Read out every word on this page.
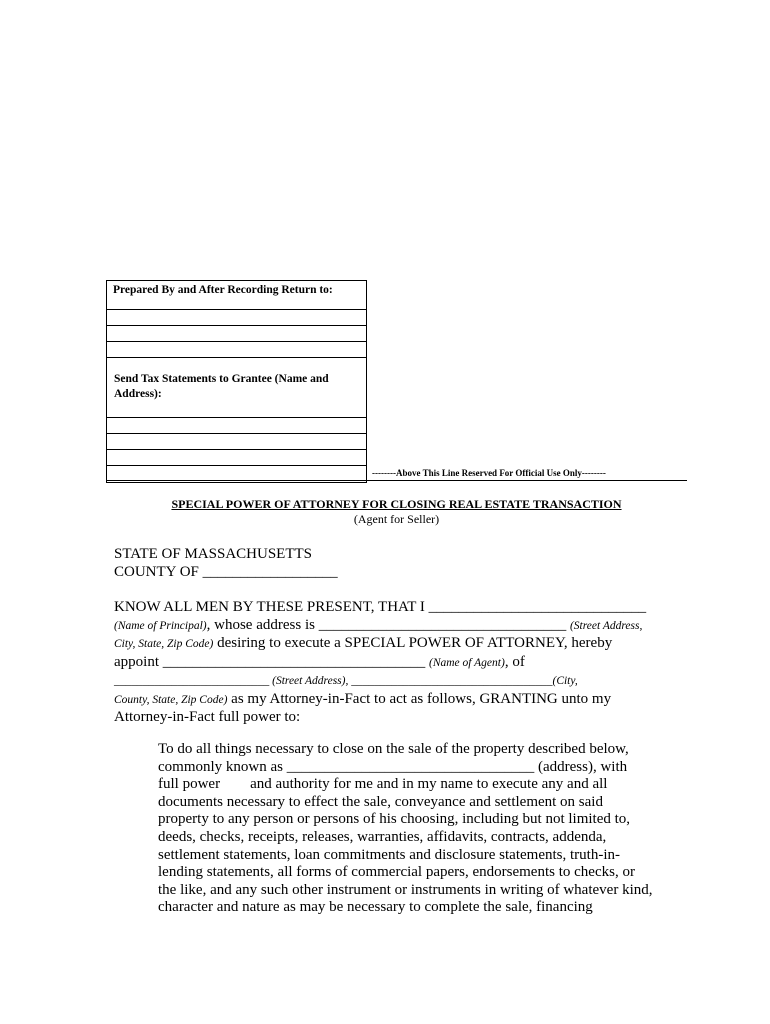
Prepared By and After Recording Return to:
Send Tax Statements to Grantee (Name and Address):
--------Above This Line Reserved For Official Use Only--------
SPECIAL POWER OF ATTORNEY FOR CLOSING REAL ESTATE TRANSACTION
(Agent for Seller)
STATE OF MASSACHUSETTS
COUNTY OF __________________
KNOW ALL MEN BY THESE PRESENT, THAT I _____________________________
(Name of Principal), whose address is _________________________________ (Street Address,
City, State, Zip Code) desiring to execute a SPECIAL POWER OF ATTORNEY, hereby
appoint ___________________________________ (Name of Agent), of
___________________________ (Street Address), ___________________________________(City,
County, State, Zip Code) as my Attorney-in-Fact to act as follows, GRANTING unto my
Attorney-in-Fact full power to:
To do all things necessary to close on the sale of the property described below,
commonly known as _________________________________ (address), with
full power        and authority for me and in my name to execute any and all
documents necessary to effect the sale, conveyance and settlement on said
property to any person or persons of his choosing, including but not limited to,
deeds, checks, receipts, releases, warranties, affidavits, contracts, addenda,
settlement statements, loan commitments and disclosure statements, truth-in-
lending statements, all forms of commercial papers, endorsements to checks, or
the like, and any such other instrument or instruments in writing of whatever kind,
character and nature as may be necessary to complete the sale, financing
